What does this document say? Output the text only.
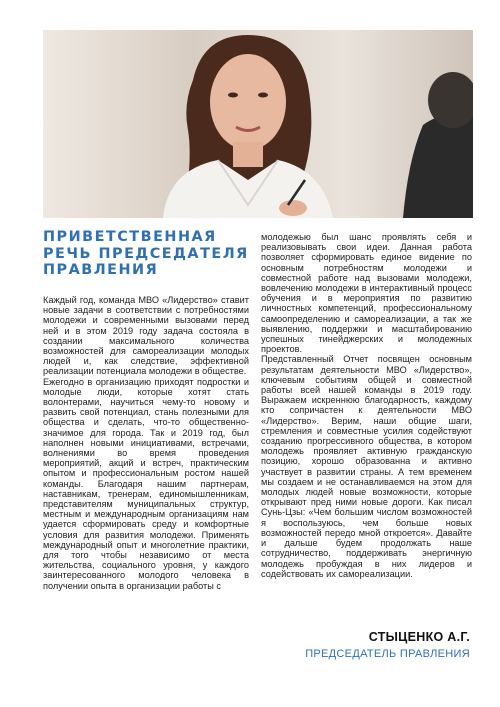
ПРИВЕТСТВЕННАЯ РЕЧЬ ПРЕДСЕДАТЕЛЯ ПРАВЛЕНИЯ

Каждый год, команда МВО «Лидерство» ставит новые задачи в соответствии с потребностями молодежи и современными вызовами перед ней и в этом 2019 году задача состояла в создании максимального количества возможностей для самореализации молодых людей и, как следствие, эффективной реализации потенциала молодежи в обществе.

Ежегодно в организацию приходят подростки и молодые люди, которые хотят стать волонтерами, научиться чему-то новому и развить свой потенциал, стань полезными для общества и сделать, что-то общественно-значимое для города. Так и 2019 год, был наполнен новыми инициативами, встречами, волнениями во время проведения мероприятий, акций и встреч, практическим опытом и профессиональным ростом нашей команды. Благодаря нашим партнерам, наставникам, тренерам, единомышленникам, представителям муниципальных структур, местным и международным организациям нам удается сформировать среду и комфортные условия для развития молодежи. Применять международный опыт и многолетние практики, для того чтобы независимо от места жительства, социального уровня, у каждого заинтересованного молодого человека в получении опыта в организации работы с

молодежью был шанс проявлять себя и реализовывать свои идеи. Данная работа позволяет сформировать единое видение по основным потребностям молодежи и совместной работе над вызовами молодежи, вовлечению молодежи в интерактивный процесс обучения и в мероприятия по развитию личностных компетенций, профессиональному самоопределению и самореализации, а так же выявлению, поддержки и масштабированию успешных тинейджерских и молодежных проектов.

Представленный Отчет посвящен основным результатам деятельности МВО «Лидерство», ключевым событиям общей и совместной работы всей нашей команды в 2019 году. Выражаем искреннюю благодарность, каждому кто сопричастен к деятельности МВО «Лидерство». Верим, наши общие шаги, стремления и совместные усилия содействуют созданию прогрессивного общества, в котором молодежь проявляет активную гражданскую позицию, хорошо образованна и активно участвует в развитии страны. А тем временем мы создаем и не останавливаемся на этом для молодых людей новые возможности, которые открывают пред ними новые дороги. Как писал Сунь-Цзы: «Чем большим числом возможностей я воспользуюсь, чем больше новых возможностей передо мной откроется». Давайте и дальше будем продолжать наше сотрудничество, поддерживать энергичную молодежь пробуждая в них лидеров и содействовать их самореализации.

СТЫЦЕНКО А.Г.
ПРЕДСЕДАТЕЛЬ ПРАВЛЕНИЯ
